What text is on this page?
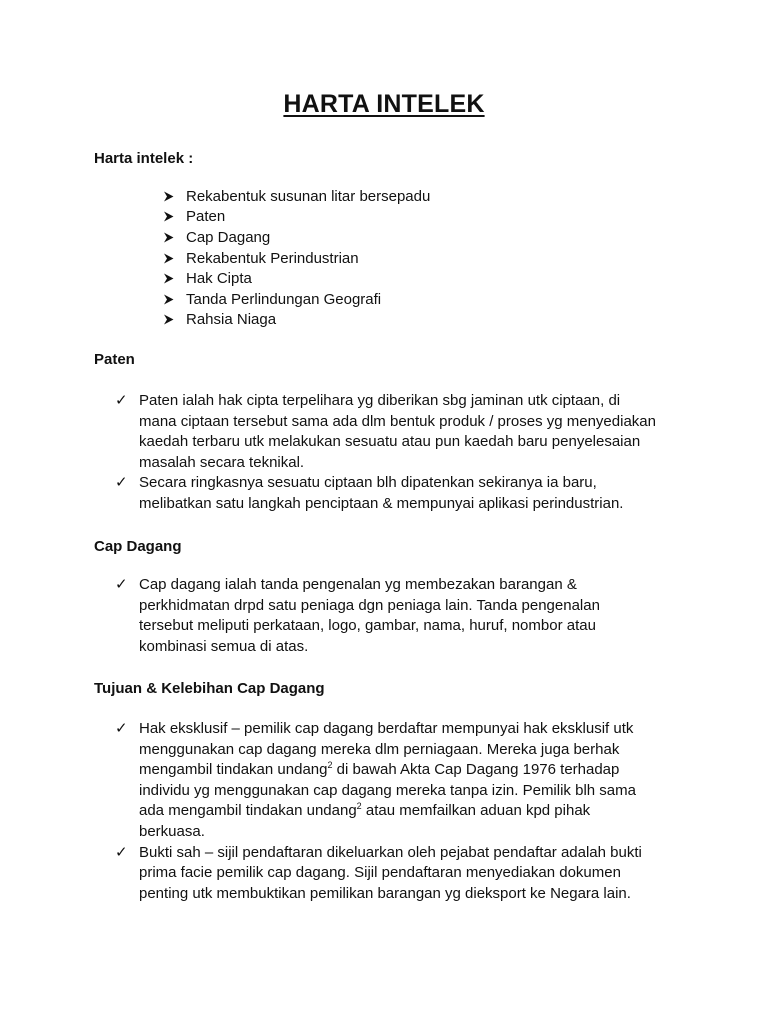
HARTA INTELEK
Harta intelek :
Rekabentuk susunan litar bersepadu
Paten
Cap Dagang
Rekabentuk Perindustrian
Hak Cipta
Tanda Perlindungan Geografi
Rahsia Niaga
Paten
✓ Paten ialah hak cipta terpelihara yg diberikan sbg jaminan utk ciptaan, di
mana ciptaan tersebut sama ada dlm bentuk produk / proses yg menyediakan
kaedah terbaru utk melakukan sesuatu atau pun kaedah baru penyelesaian
masalah secara teknikal.
✓ Secara ringkasnya sesuatu ciptaan blh dipatenkan sekiranya ia baru,
melibatkan satu langkah penciptaan & mempunyai aplikasi perindustrian.
Cap Dagang
✓ Cap dagang ialah tanda pengenalan yg membezakan barangan &
perkhidmatan drpd satu peniaga dgn peniaga lain. Tanda pengenalan
tersebut meliputi perkataan, logo, gambar, nama, huruf, nombor atau
kombinasi semua di atas.
Tujuan & Kelebihan Cap Dagang
✓ Hak eksklusif – pemilik cap dagang berdaftar mempunyai hak eksklusif utk
menggunakan cap dagang mereka dlm perniagaan. Mereka juga berhak
mengambil tindakan undang$^2$ di bawah Akta Cap Dagang 1976 terhadap
individu yg menggunakan cap dagang mereka tanpa izin. Pemilik blh sama
ada mengambil tindakan undang$^2$ atau memfailkan aduan kpd pihak
berkuasa.
✓ Bukti sah – sijil pendaftaran dikeluarkan oleh pejabat pendaftar adalah bukti
prima facie pemilik cap dagang. Sijil pendaftaran menyediakan dokumen
penting utk membuktikan pemilikan barangan yg dieksport ke Negara lain.
